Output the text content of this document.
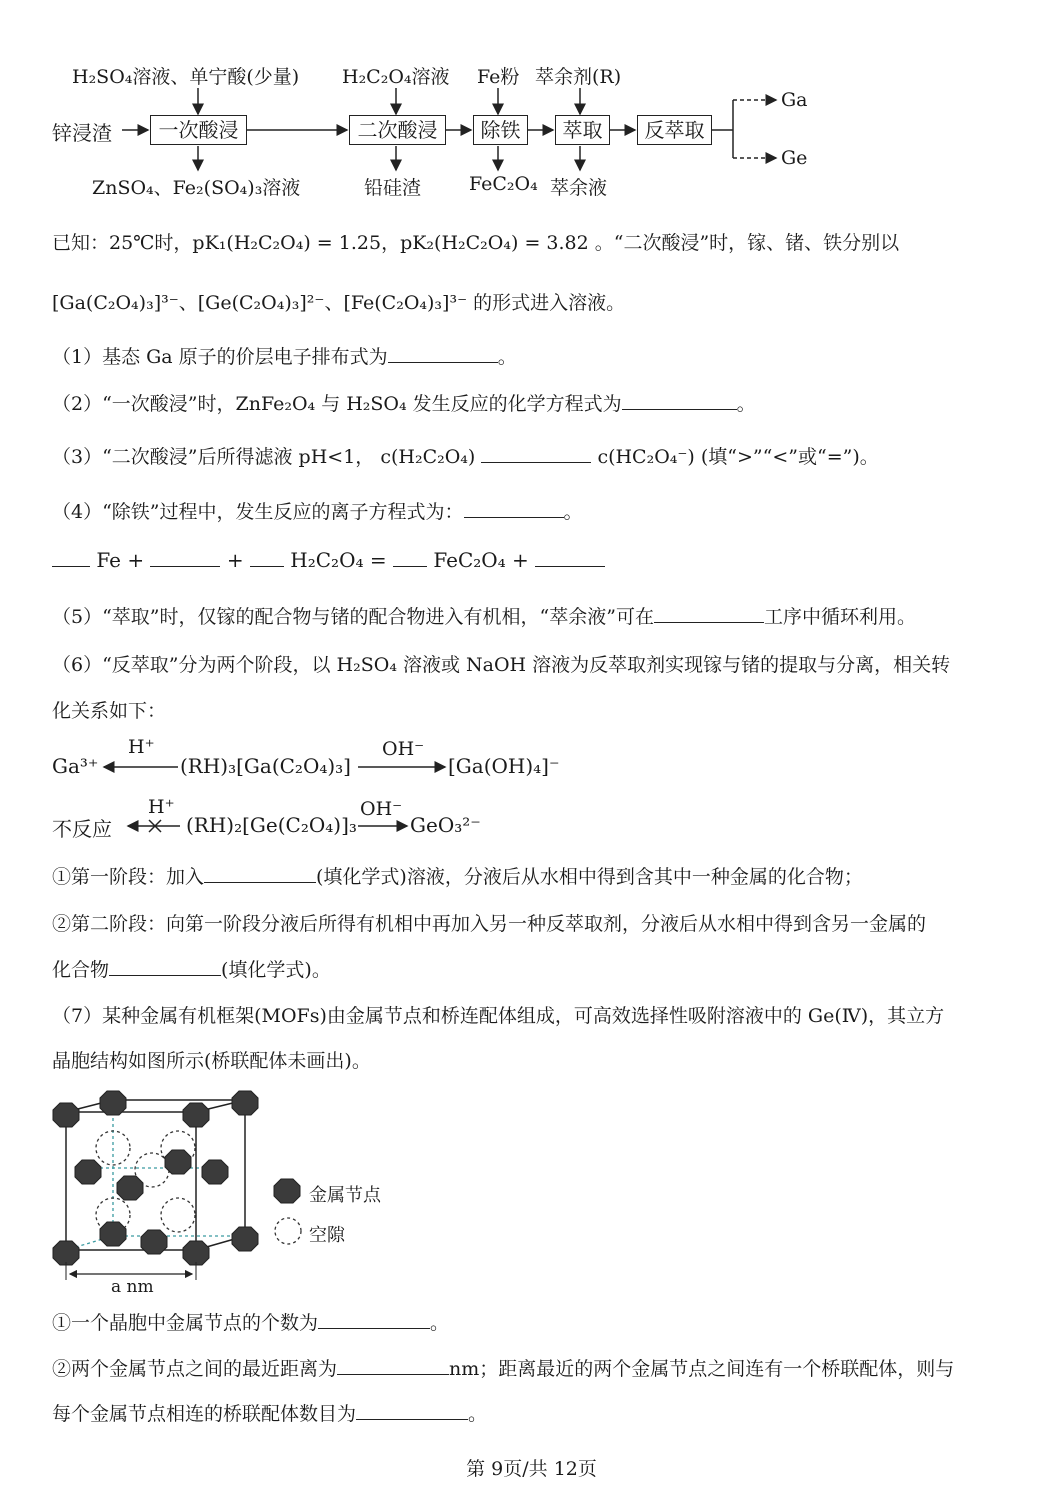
锌浸渣	一次酸浸	二次酸浸	除铁	萃取	反萃取
H₂SO₄溶液、单宁酸(少量) H₂C₂O₄溶液 Fe粉 萃余剂(R)
ZnSO₄、Fe₂(SO₄)₃溶液	铅硅渣	FeC₂O₄ 萃余液
Ga
Ge
已知：25℃时，pK₁(H₂C₂O₄) = 1.25，pK₂(H₂C₂O₄) = 3.82 。“二次酸浸”时，镓、锗、铁分别以
[Ga(C₂O₄)₃]³⁻、[Ge(C₂O₄)₃]²⁻、[Fe(C₂O₄)₃]³⁻ 的形式进入溶液。
（1）基态 Ga 原子的价层电子排布式为	。
（2）“一次酸浸”时，ZnFe₂O₄ 与 H₂SO₄ 发生反应的化学方程式为	。
（3）“二次酸浸”后所得滤液 pH<1， c(H₂C₂O₄)	c(HC₂O₄⁻) (填“>”“<”或“=”)。
（4）“除铁”过程中，发生反应的离子方程式为：	。
Fe +	+ H₂C₂O₄ = FeC₂O₄ +
（5）“萃取”时，仅镓的配合物与锗的配合物进入有机相，“萃余液”可在	工序中循环利用。
（6）“反萃取”分为两个阶段，以 H₂SO₄ 溶液或 NaOH 溶液为反萃取剂实现镓与锗的提取与分离，相关转
化关系如下：
Ga³⁺
H⁺
(RH)₃[Ga(C₂O₄)₃]
OH⁻
[Ga(OH)₄]⁻
不反应
H⁺
(RH)₂[Ge(C₂O₄)]₃
OH⁻
GeO₃²⁻
①第一阶段：加入	(填化学式)溶液，分液后从水相中得到含其中一种金属的化合物；
②第二阶段：向第一阶段分液后所得有机相中再加入另一种反萃取剂，分液后从水相中得到含另一金属的
化合物	(填化学式)。
（7）某种金属有机框架(MOFs)由金属节点和桥连配体组成，可高效选择性吸附溶液中的 Ge(Ⅳ)，其立方
晶胞结构如图所示(桥联配体未画出)。
金属节点
空隙
a nm
①一个晶胞中金属节点的个数为	。
②两个金属节点之间的最近距离为	nm；距离最近的两个金属节点之间连有一个桥联配体，则与
每个金属节点相连的桥联配体数目为	。
第 9页/共 12页
